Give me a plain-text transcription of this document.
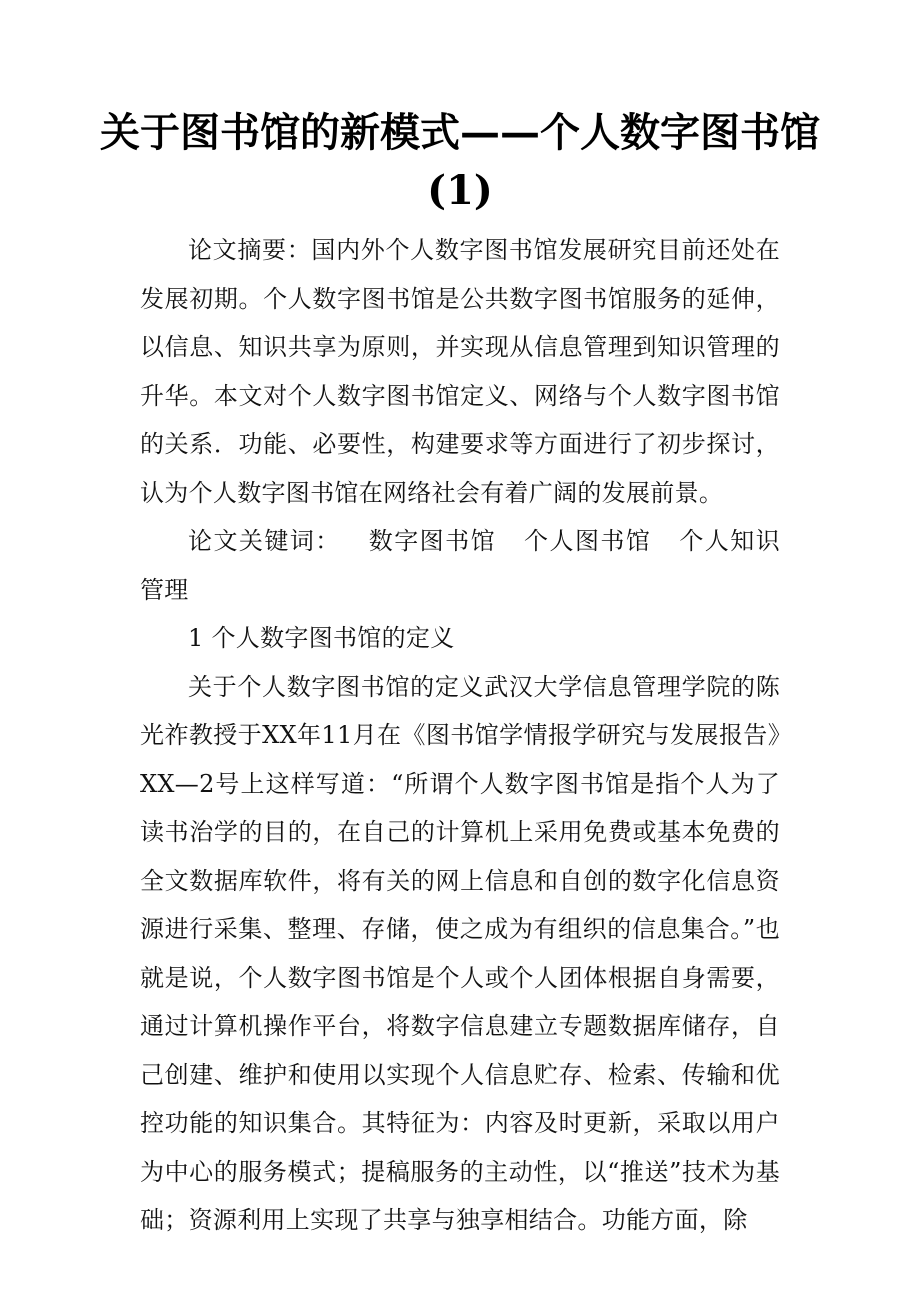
关于图书馆的新模式——个人数字图书馆(1)

论文摘要：国内外个人数字图书馆发展研究目前还处在发展初期。个人数字图书馆是公共数字图书馆服务的延伸，以信息、知识共享为原则，并实现从信息管理到知识管理的升华。本文对个人数字图书馆定义、网络与个人数字图书馆的关系．功能、必要性，构建要求等方面进行了初步探讨，认为个人数字图书馆在网络社会有着广阔的发展前景。

论文关键词： 数字图书馆 个人图书馆 个人知识管理

1 个人数字图书馆的定义

关于个人数字图书馆的定义武汉大学信息管理学院的陈光祚教授于XX年11月在《图书馆学情报学研究与发展报告》XX—2号上这样写道：“所谓个人数字图书馆是指个人为了读书治学的目的，在自己的计算机上采用免费或基本免费的全文数据库软件，将有关的网上信息和自创的数字化信息资源进行采集、整理、存储，使之成为有组织的信息集合。”也就是说，个人数字图书馆是个人或个人团体根据自身需要，通过计算机操作平台，将数字信息建立专题数据库储存，自己创建、维护和使用以实现个人信息贮存、检索、传输和优控功能的知识集合。其特征为：内容及时更新，采取以用户为中心的服务模式；提稿服务的主动性，以“推送”技术为基础；资源利用上实现了共享与独享相结合。功能方面，除
